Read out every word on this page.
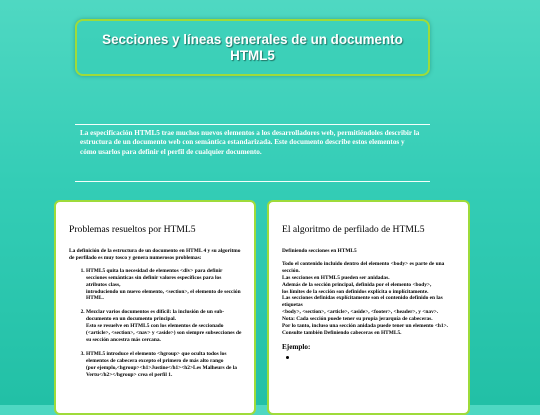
Secciones y líneas generales de un documento HTML5

La especificación HTML5 trae muchos nuevos elementos a los desarrolladores web, permitiéndoles describir la estructura de un documento web con semántica estandarizada. Este documento describe estos elementos y cómo usarlos para definir el perfil de cualquier documento.

Problemas resueltos por HTML5

La definición de la estructura de un documento en HTML 4 y su algoritmo de perfilado es muy tosco y genera numerosos problemas:

1. HTML5 quita la necesidad de elementos <div> para definir secciones semánticas sin definir valores específicos para los atributos class,
introduciendo un nuevo elemento, <section>, el elemento de sección HTML.
2. Mezclar varios documentos es difícil: la inclusión de un sub-documento en un documento principal.
Esto se resuelve en HTML5 con los elementos de seccionado (<article>, <section>, <nav> y <aside>) son siempre subsecciones de su sección ancestra más cercana.
3. HTML5 introduce el elemento <hgroup> que oculta todos los elementos de cabecera excepto el primero de más alto rango
(por ejemplo,<hgroup><h1>Justine</h1><h2>Les Malheurs de la Vertu</h2></hgroup> crea el perfil 1.
El algoritmo de perfilado de HTML5

Definiendo secciones en HTML5

Todo el contenido incluido dentro del elemento <body> es parte de una sección.
Las secciones en HTML5 pueden ser anidadas.
Además de la sección principal, definida por el elemento <body>,
los límites de la sección son definidos explícita o implícitamente.
Las secciones definidas explícitamente son el contenido definido en las etiquetas
<body>, <section>, <article>, <aside>, <footer>, <header>, y <nav>.
Nota: Cada sección puede tener su propia jerarquía de cabeceras.
Por lo tanto, incluso una sección anidada puede tener un elemento <h1>.
Consulte también Definiendo cabeceras en HTML5.
Ejemplo:
